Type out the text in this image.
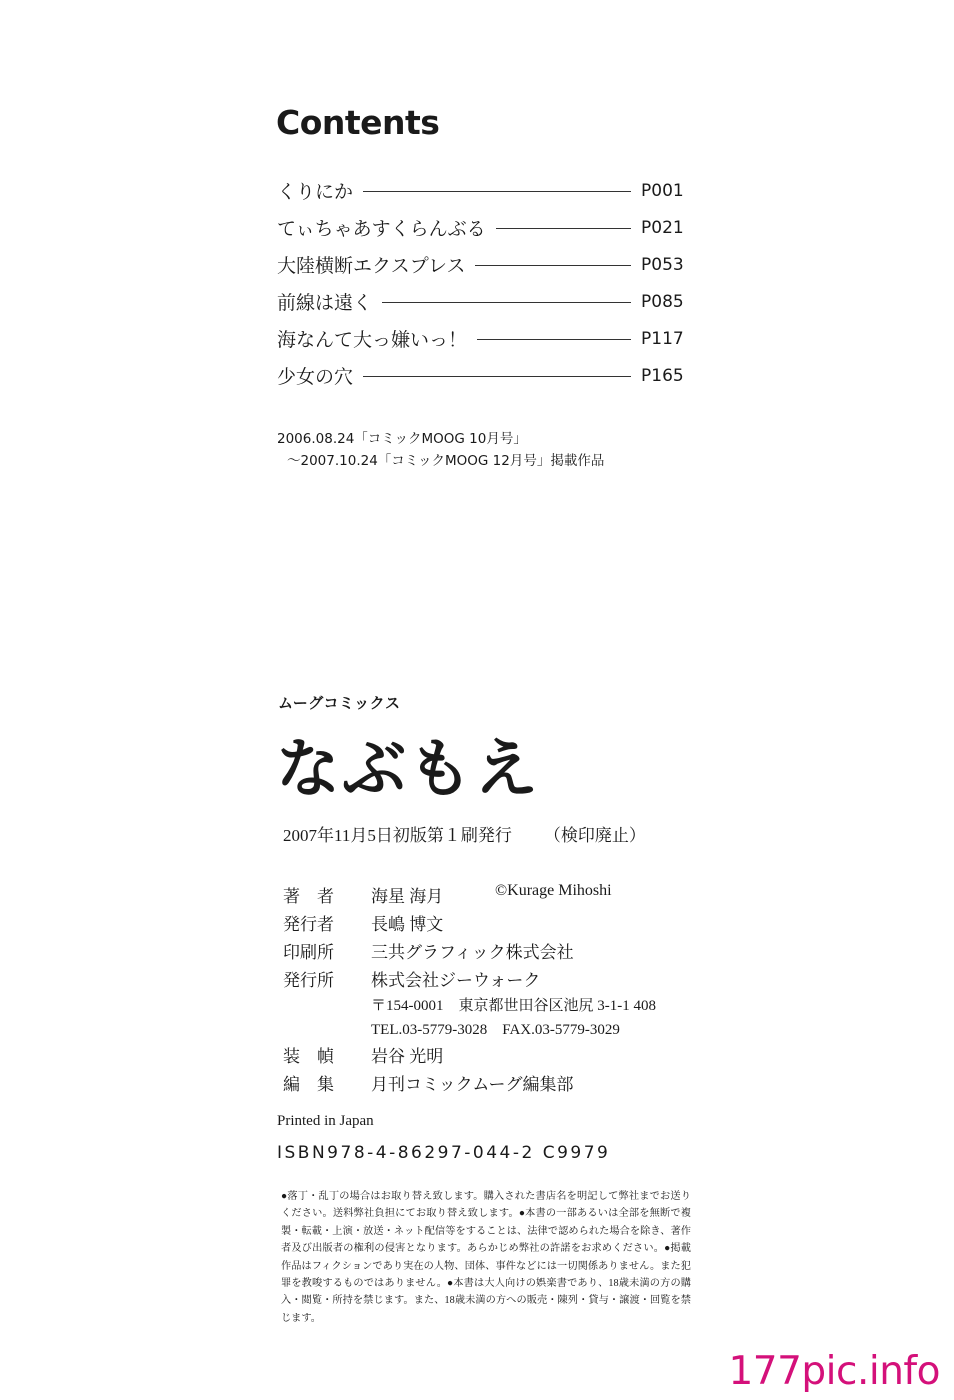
Contents
くりにか	P001
てぃちゃあすくらんぶる	P021
大陸横断エクスプレス	P053
前線は遠く	P085
海なんて大っ嫌いっ！	P117
少女の穴	P165
2006.08.24「コミックMOOG 10月号」
～2007.10.24「コミックMOOG 12月号」掲載作品
ムーグコミックス
なぶもえ
2007年11月5日初版第１刷発行 （検印廃止）
著　者	海星 海月	©Kurage Mihoshi
発行者	長嶋 博文
印刷所	三共グラフィック株式会社
発行所	株式会社ジーウォーク
〒154-0001　東京都世田谷区池尻 3-1-1 408
TEL.03-5779-3028　FAX.03-5779-3029
装　幀	岩谷 光明
編　集	月刊コミックムーグ編集部
Printed in Japan
ISBN978-4-86297-044-2 C9979
●落丁・乱丁の場合はお取り替え致します。購入された書店名を明記して弊社までお送りください。送料弊社負担にてお取り替え致します。●本書の一部あるいは全部を無断で複製・転載・上演・放送・ネット配信等をすることは、法律で認められた場合を除き、著作者及び出版者の権利の侵害となります。あらかじめ弊社の許諾をお求めください。●掲載作品はフィクションであり実在の人物、団体、事件などには一切関係ありません。また犯罪を教唆するものではありません。●本書は大人向けの娯楽書であり、18歳未満の方の購入・閲覧・所持を禁じます。また、18歳未満の方への販売・陳列・貸与・譲渡・回覧を禁じます。
177pic.info
